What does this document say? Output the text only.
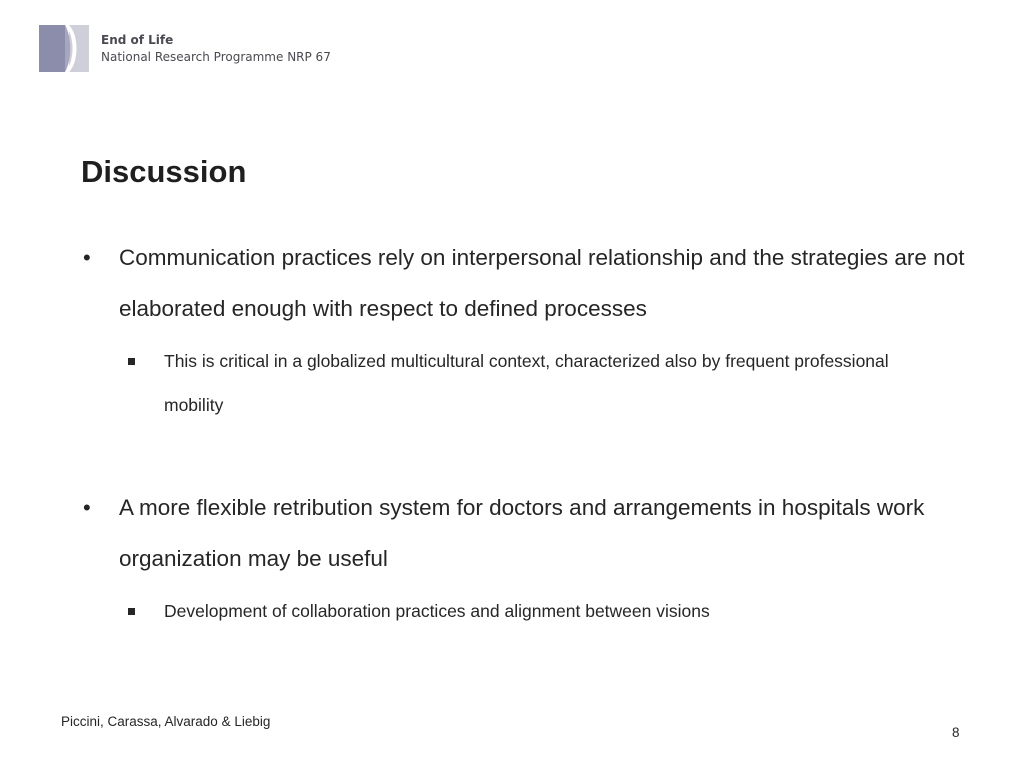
End of Life
National Research Programme NRP 67
Discussion
• Communication practices rely on interpersonal relationship and the strategies are not elaborated enough with respect to defined processes
This is critical in a globalized multicultural context, characterized also by frequent professional mobility
• A more flexible retribution system for doctors and arrangements in hospitals work organization may be useful
Development of collaboration practices and alignment between visions
Piccini, Carassa, Alvarado & Liebig
8
